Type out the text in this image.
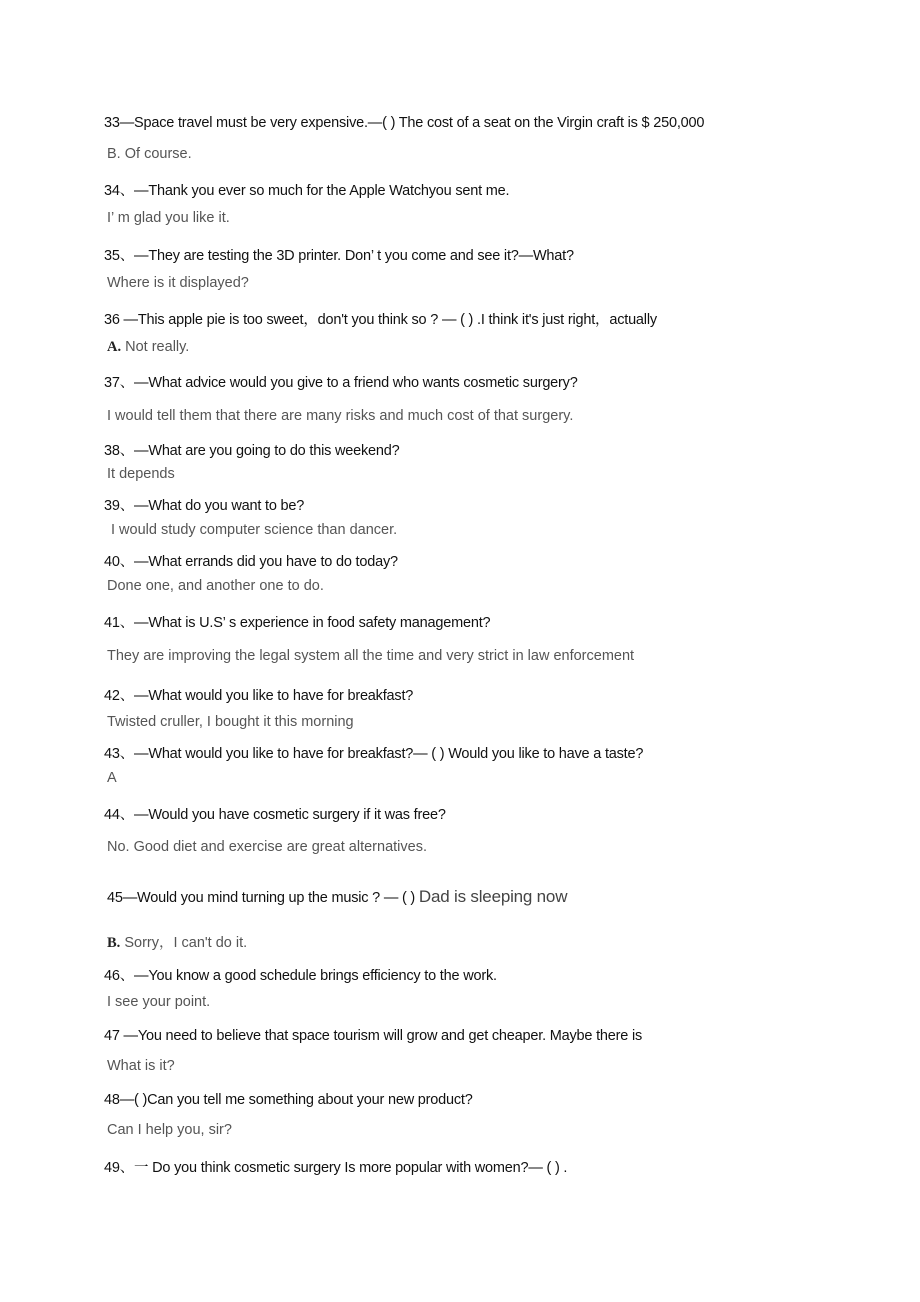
33—Space travel must be very expensive.—( ) The cost of a seat on the Virgin craft is $ 250,000
B. Of course.
34、—Thank you ever so much for the Apple Watchyou sent me.
I’ m glad you like it.
35、—They are testing the 3D printer. Don’ t you come and see it?—What?
Where is it displayed?
36 —This apple pie is too sweet，don't you think so ? — ( ) .I think it's just right，actually
A. Not really.
37、—What advice would you give to a friend who wants cosmetic surgery?
I would tell them that there are many risks and much cost of that surgery.
38、—What are you going to do this weekend?
It depends
39、—What do you want to be?
I would study computer science than dancer.
40、—What errands did you have to do today?
Done one, and another one to do.
41、—What is U.S’ s experience in food safety management?
They are improving the legal system all the time and very strict in law enforcement
42、—What would you like to have for breakfast?
Twisted cruller, I bought it this morning
43、—What would you like to have for breakfast?— ( ) Would you like to have a taste?
A
44、—Would you have cosmetic surgery if it was free?
No. Good diet and exercise are great alternatives.
45—Would you mind turning up the music ? — ( ) Dad is sleeping now
B. Sorry，I can't do it.
46、—You know a good schedule brings efficiency to the work.
I see your point.
47 —You need to believe that space tourism will grow and get cheaper. Maybe there is
What is it?
48—( )Can you tell me something about your new product?
Can I help you, sir?
49、一 Do you think cosmetic surgery Is more popular with women?— ( ) .
